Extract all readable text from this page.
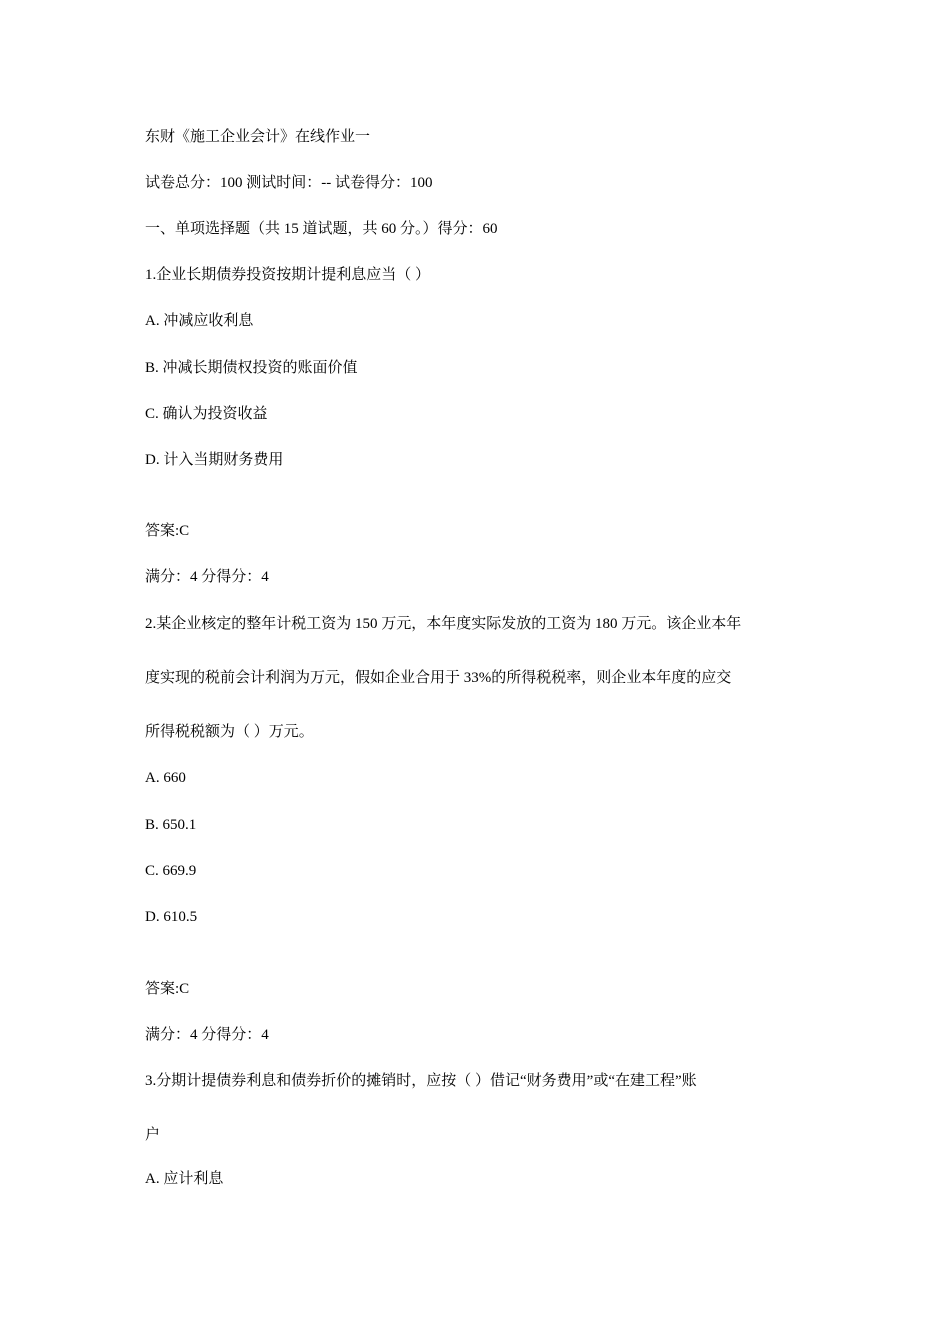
东财《施工企业会计》在线作业一
试卷总分：100 测试时间：-- 试卷得分：100
一、单项选择题（共 15 道试题，共 60 分。）得分：60
1.企业长期债券投资按期计提利息应当（ ）
A. 冲减应收利息
B. 冲减长期债权投资的账面价值
C. 确认为投资收益
D. 计入当期财务费用
答案:C
满分：4 分得分：4
2.某企业核定的整年计税工资为 150 万元，本年度实际发放的工资为 180 万元。该企业本年
度实现的税前会计利润为万元，假如企业合用于 33%的所得税税率，则企业本年度的应交
所得税税额为（ ）万元。
A. 660
B. 650.1
C. 669.9
D. 610.5
答案:C
满分：4 分得分：4
3.分期计提债券利息和债券折价的摊销时，应按（ ）借记“财务费用”或“在建工程”账
户
A. 应计利息
